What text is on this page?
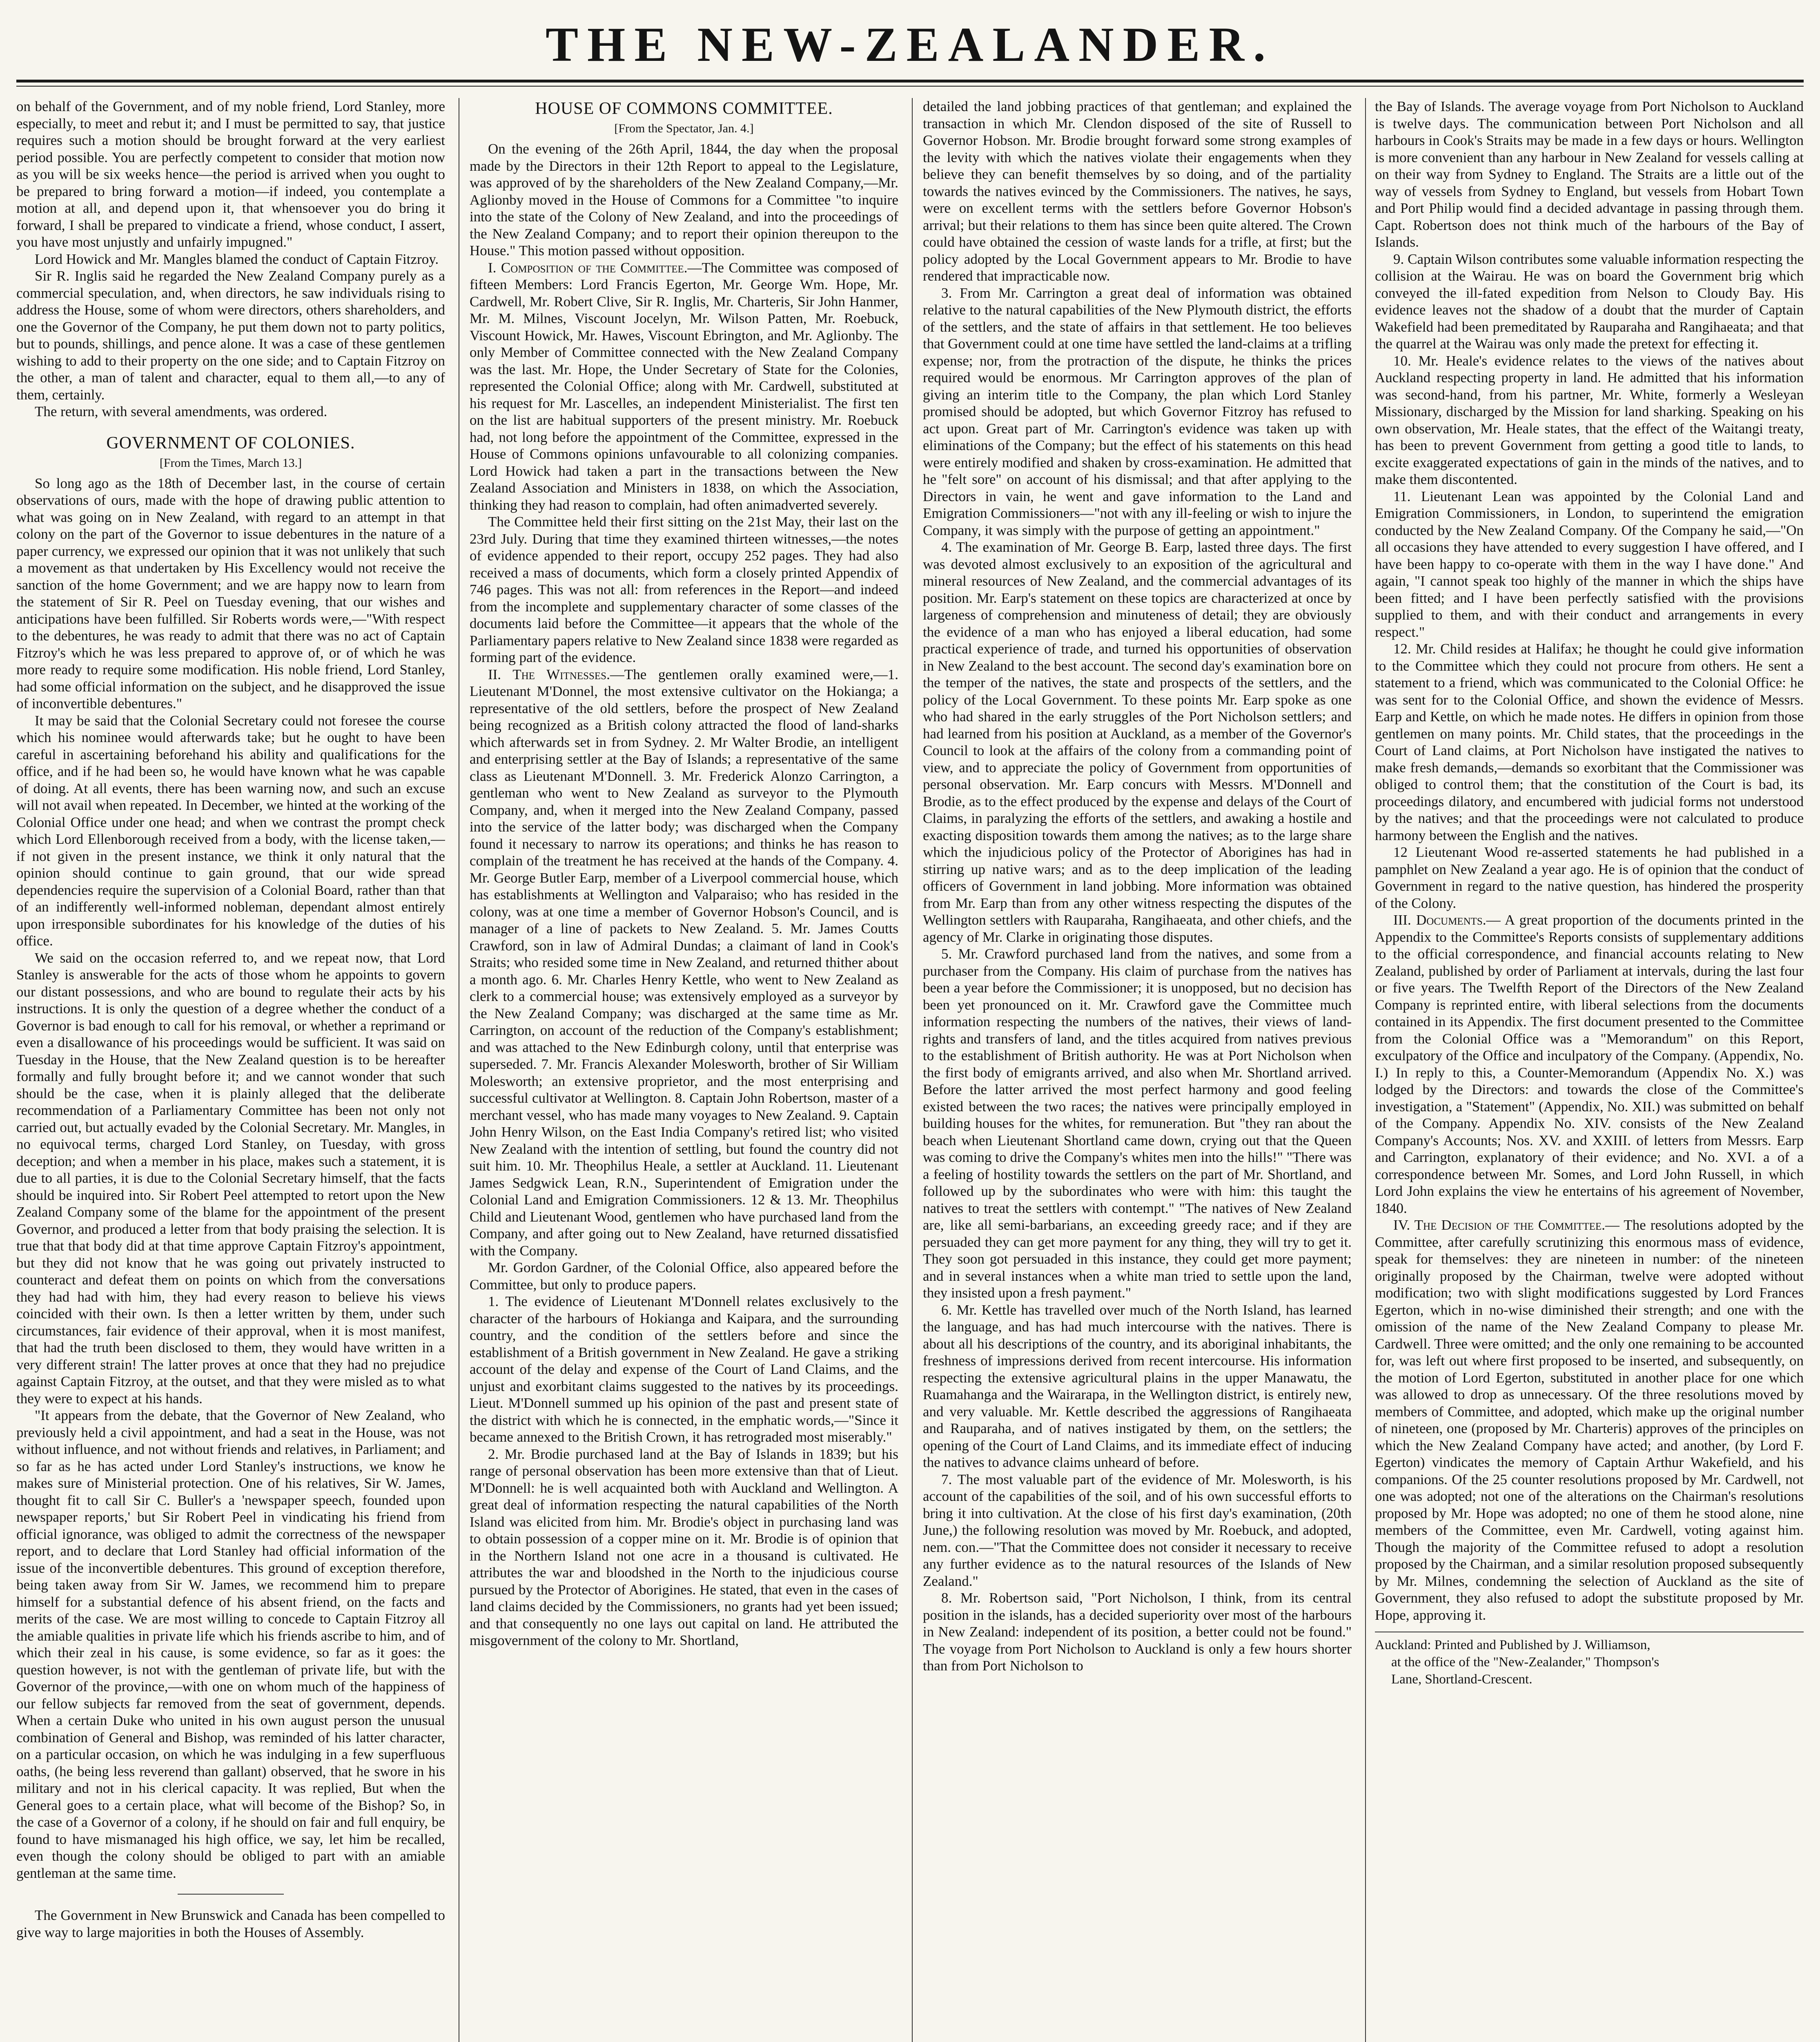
THE NEW-ZEALANDER.

on behalf of the Government, and of my noble friend, Lord Stanley, more especially, to meet and rebut it; and I must be permitted to say, that justice requires such a motion should be brought forward at the very earliest period possible. You are perfectly competent to consider that motion now as you will be six weeks hence—the period is arrived when you ought to be prepared to bring forward a motion—if indeed, you contemplate a motion at all, and depend upon it, that whensoever you do bring it forward, I shall be prepared to vindicate a friend, whose conduct, I assert, you have most unjustly and unfairly impugned."

Lord Howick and Mr. Mangles blamed the conduct of Captain Fitzroy.

Sir R. Inglis said he regarded the New Zealand Company purely as a commercial speculation, and, when directors, he saw individuals rising to address the House, some of whom were directors, others shareholders, and one the Governor of the Company, he put them down not to party politics, but to pounds, shillings, and pence alone. It was a case of these gentlemen wishing to add to their property on the one side; and to Captain Fitzroy on the other, a man of talent and character, equal to them all,—to any of them, certainly.

The return, with several amendments, was ordered.

GOVERNMENT OF COLONIES.
[From the Times, March 13.]

So long ago as the 18th of December last, in the course of certain observations of ours, made with the hope of drawing public attention to what was going on in New Zealand, with regard to an attempt in that colony on the part of the Governor to issue debentures in the nature of a paper currency, we expressed our opinion that it was not unlikely that such a movement as that undertaken by His Excellency would not receive the sanction of the home Government; and we are happy now to learn from the statement of Sir R. Peel on Tuesday evening, that our wishes and anticipations have been fulfilled. Sir Roberts words were,—"With respect to the debentures, he was ready to admit that there was no act of Captain Fitzroy's which he was less prepared to approve of, or of which he was more ready to require some modification. His noble friend, Lord Stanley, had some official information on the subject, and he disapproved the issue of inconvertible debentures."

It may be said that the Colonial Secretary could not foresee the course which his nominee would afterwards take; but he ought to have been careful in ascertaining beforehand his ability and qualifications for the office, and if he had been so, he would have known what he was capable of doing. At all events, there has been warning now, and such an excuse will not avail when repeated. In December, we hinted at the working of the Colonial Office under one head; and when we contrast the prompt check which Lord Ellenborough received from a body, with the license taken,—if not given in the present instance, we think it only natural that the opinion should continue to gain ground, that our wide spread dependencies require the supervision of a Colonial Board, rather than that of an indifferently well-informed nobleman, dependant almost entirely upon irresponsible subordinates for his knowledge of the duties of his office.

We said on the occasion referred to, and we repeat now, that Lord Stanley is answerable for the acts of those whom he appoints to govern our distant possessions, and who are bound to regulate their acts by his instructions. It is only the question of a degree whether the conduct of a Governor is bad enough to call for his removal, or whether a reprimand or even a disallowance of his proceedings would be sufficient. It was said on Tuesday in the House, that the New Zealand question is to be hereafter formally and fully brought before it; and we cannot wonder that such should be the case, when it is plainly alleged that the deliberate recommendation of a Parliamentary Committee has been not only not carried out, but actually evaded by the Colonial Secretary. Mr. Mangles, in no equivocal terms, charged Lord Stanley, on Tuesday, with gross deception; and when a member in his place, makes such a statement, it is due to all parties, it is due to the Colonial Secretary himself, that the facts should be inquired into. Sir Robert Peel attempted to retort upon the New Zealand Company some of the blame for the appointment of the present Governor, and produced a letter from that body praising the selection. It is true that that body did at that time approve Captain Fitzroy's appointment, but they did not know that he was going out privately instructed to counteract and defeat them on points on which from the conversations they had had with him, they had every reason to believe his views coincided with their own. Is then a letter written by them, under such circumstances, fair evidence of their approval, when it is most manifest, that had the truth been disclosed to them, they would have written in a very different strain! The latter proves at once that they had no prejudice against Captain Fitzroy, at the outset, and that they were misled as to what they were to expect at his hands.

"It appears from the debate, that the Governor of New Zealand, who previously held a civil appointment, and had a seat in the House, was not without influence, and not without friends and relatives, in Parliament; and so far as he has acted under Lord Stanley's instructions, we know he makes sure of Ministerial protection. One of his relatives, Sir W. James, thought fit to call Sir C. Buller's a 'newspaper speech, founded upon newspaper reports,' but Sir Robert Peel in vindicating his friend from official ignorance, was obliged to admit the correctness of the newspaper report, and to declare that Lord Stanley had official information of the issue of the inconvertible debentures. This ground of exception therefore, being taken away from Sir W. James, we recommend him to prepare himself for a substantial defence of his absent friend, on the facts and merits of the case. We are most willing to concede to Captain Fitzroy all the amiable qualities in private life which his friends ascribe to him, and of which their zeal in his cause, is some evidence, so far as it goes: the question however, is not with the gentleman of private life, but with the Governor of the province,—with one on whom much of the happiness of our fellow subjects far removed from the seat of government, depends. When a certain Duke who united in his own august person the unusual combination of General and Bishop, was reminded of his latter character, on a particular occasion, on which he was indulging in a few superfluous oaths, (he being less reverend than gallant) observed, that he swore in his military and not in his clerical capacity. It was replied, But when the General goes to a certain place, what will become of the Bishop? So, in the case of a Governor of a colony, if he should on fair and full enquiry, be found to have mismanaged his high office, we say, let him be recalled, even though the colony should be obliged to part with an amiable gentleman at the same time.

The Government in New Brunswick and Canada has been compelled to give way to large majorities in both the Houses of Assembly.

HOUSE OF COMMONS COMMITTEE.
[From the Spectator, Jan. 4.]

On the evening of the 26th April, 1844, the day when the proposal made by the Directors in their 12th Report to appeal to the Legislature, was approved of by the shareholders of the New Zealand Company,—Mr. Aglionby moved in the House of Commons for a Committee "to inquire into the state of the Colony of New Zealand, and into the proceedings of the New Zealand Company; and to report their opinion thereupon to the House." This motion passed without opposition.

I. Composition of the Committee.—The Committee was composed of fifteen Members: Lord Francis Egerton, Mr. George Wm. Hope, Mr. Cardwell, Mr. Robert Clive, Sir R. Inglis, Mr. Charteris, Sir John Hanmer, Mr. M. Milnes, Viscount Jocelyn, Mr. Wilson Patten, Mr. Roebuck, Viscount Howick, Mr. Hawes, Viscount Ebrington, and Mr. Aglionby. The only Member of Committee connected with the New Zealand Company was the last. Mr. Hope, the Under Secretary of State for the Colonies, represented the Colonial Office; along with Mr. Cardwell, substituted at his request for Mr. Lascelles, an independent Ministerialist. The first ten on the list are habitual supporters of the present ministry. Mr. Roebuck had, not long before the appointment of the Committee, expressed in the House of Commons opinions unfavourable to all colonizing companies. Lord Howick had taken a part in the transactions between the New Zealand Association and Ministers in 1838, on which the Association, thinking they had reason to complain, had often animadverted severely.

The Committee held their first sitting on the 21st May, their last on the 23rd July. During that time they examined thirteen witnesses,—the notes of evidence appended to their report, occupy 252 pages. They had also received a mass of documents, which form a closely printed Appendix of 746 pages. This was not all: from references in the Report—and indeed from the incomplete and supplementary character of some classes of the documents laid before the Committee—it appears that the whole of the Parliamentary papers relative to New Zealand since 1838 were regarded as forming part of the evidence.

II. The Witnesses.—The gentlemen orally examined were,—1. Lieutenant M'Donnel, the most extensive cultivator on the Hokianga; a representative of the old settlers, before the prospect of New Zealand being recognized as a British colony attracted the flood of land-sharks which afterwards set in from Sydney. 2. Mr Walter Brodie, an intelligent and enterprising settler at the Bay of Islands; a representative of the same class as Lieutenant M'Donnell. 3. Mr. Frederick Alonzo Carrington, a gentleman who went to New Zealand as surveyor to the Plymouth Company, and, when it merged into the New Zealand Company, passed into the service of the latter body; was discharged when the Company found it necessary to narrow its operations; and thinks he has reason to complain of the treatment he has received at the hands of the Company. 4. Mr. George Butler Earp, member of a Liverpool commercial house, which has establishments at Wellington and Valparaiso; who has resided in the colony, was at one time a member of Governor Hobson's Council, and is manager of a line of packets to New Zealand. 5. Mr. James Coutts Crawford, son in law of Admiral Dundas; a claimant of land in Cook's Straits; who resided some time in New Zealand, and returned thither about a month ago. 6. Mr. Charles Henry Kettle, who went to New Zealand as clerk to a commercial house; was extensively employed as a surveyor by the New Zealand Company; was discharged at the same time as Mr. Carrington, on account of the reduction of the Company's establishment; and was attached to the New Edinburgh colony, until that enterprise was superseded. 7. Mr. Francis Alexander Molesworth, brother of Sir William Molesworth; an extensive proprietor, and the most enterprising and successful cultivator at Wellington. 8. Captain John Robertson, master of a merchant vessel, who has made many voyages to New Zealand. 9. Captain John Henry Wilson, on the East India Company's retired list; who visited New Zealand with the intention of settling, but found the country did not suit him. 10. Mr. Theophilus Heale, a settler at Auckland. 11. Lieutenant James Sedgwick Lean, R.N., Superintendent of Emigration under the Colonial Land and Emigration Commissioners. 12 & 13. Mr. Theophilus Child and Lieutenant Wood, gentlemen who have purchased land from the Company, and after going out to New Zealand, have returned dissatisfied with the Company.

Mr. Gordon Gardner, of the Colonial Office, also appeared before the Committee, but only to produce papers.

1. The evidence of Lieutenant M'Donnell relates exclusively to the character of the harbours of Hokianga and Kaipara, and the surrounding country, and the condition of the settlers before and since the establishment of a British government in New Zealand. He gave a striking account of the delay and expense of the Court of Land Claims, and the unjust and exorbitant claims suggested to the natives by its proceedings. Lieut. M'Donnell summed up his opinion of the past and present state of the district with which he is connected, in the emphatic words,—"Since it became annexed to the British Crown, it has retrograded most miserably."

2. Mr. Brodie purchased land at the Bay of Islands in 1839; but his range of personal observation has been more extensive than that of Lieut. M'Donnell: he is well acquainted both with Auckland and Wellington. A great deal of information respecting the natural capabilities of the North Island was elicited from him. Mr. Brodie's object in purchasing land was to obtain possession of a copper mine on it. Mr. Brodie is of opinion that in the Northern Island not one acre in a thousand is cultivated. He attributes the war and bloodshed in the North to the injudicious course pursued by the Protector of Aborigines. He stated, that even in the cases of land claims decided by the Commissioners, no grants had yet been issued; and that consequently no one lays out capital on land. He attributed the misgovernment of the colony to Mr. Shortland,

detailed the land jobbing practices of that gentleman; and explained the transaction in which Mr. Clendon disposed of the site of Russell to Governor Hobson. Mr. Brodie brought forward some strong examples of the levity with which the natives violate their engagements when they believe they can benefit themselves by so doing, and of the partiality towards the natives evinced by the Commissioners. The natives, he says, were on excellent terms with the settlers before Governor Hobson's arrival; but their relations to them has since been quite altered. The Crown could have obtained the cession of waste lands for a trifle, at first; but the policy adopted by the Local Government appears to Mr. Brodie to have rendered that impracticable now.

3. From Mr. Carrington a great deal of information was obtained relative to the natural capabilities of the New Plymouth district, the efforts of the settlers, and the state of affairs in that settlement. He too believes that Government could at one time have settled the land-claims at a trifling expense; nor, from the protraction of the dispute, he thinks the prices required would be enormous. Mr Carrington approves of the plan of giving an interim title to the Company, the plan which Lord Stanley promised should be adopted, but which Governor Fitzroy has refused to act upon. Great part of Mr. Carrington's evidence was taken up with eliminations of the Company; but the effect of his statements on this head were entirely modified and shaken by cross-examination. He admitted that he "felt sore" on account of his dismissal; and that after applying to the Directors in vain, he went and gave information to the Land and Emigration Commissioners—"not with any ill-feeling or wish to injure the Company, it was simply with the purpose of getting an appointment."

4. The examination of Mr. George B. Earp, lasted three days. The first was devoted almost exclusively to an exposition of the agricultural and mineral resources of New Zealand, and the commercial advantages of its position. Mr. Earp's statement on these topics are characterized at once by largeness of comprehension and minuteness of detail; they are obviously the evidence of a man who has enjoyed a liberal education, had some practical experience of trade, and turned his opportunities of observation in New Zealand to the best account. The second day's examination bore on the temper of the natives, the state and prospects of the settlers, and the policy of the Local Government. To these points Mr. Earp spoke as one who had shared in the early struggles of the Port Nicholson settlers; and had learned from his position at Auckland, as a member of the Governor's Council to look at the affairs of the colony from a commanding point of view, and to appreciate the policy of Government from opportunities of personal observation. Mr. Earp concurs with Messrs. M'Donnell and Brodie, as to the effect produced by the expense and delays of the Court of Claims, in paralyzing the efforts of the settlers, and awaking a hostile and exacting disposition towards them among the natives; as to the large share which the injudicious policy of the Protector of Aborigines has had in stirring up native wars; and as to the deep implication of the leading officers of Government in land jobbing. More information was obtained from Mr. Earp than from any other witness respecting the disputes of the Wellington settlers with Rauparaha, Rangihaeata, and other chiefs, and the agency of Mr. Clarke in originating those disputes.

5. Mr. Crawford purchased land from the natives, and some from a purchaser from the Company. His claim of purchase from the natives has been a year before the Commissioner; it is unopposed, but no decision has been yet pronounced on it. Mr. Crawford gave the Committee much information respecting the numbers of the natives, their views of land-rights and transfers of land, and the titles acquired from natives previous to the establishment of British authority. He was at Port Nicholson when the first body of emigrants arrived, and also when Mr. Shortland arrived. Before the latter arrived the most perfect harmony and good feeling existed between the two races; the natives were principally employed in building houses for the whites, for remuneration. But "they ran about the beach when Lieutenant Shortland came down, crying out that the Queen was coming to drive the Company's whites men into the hills!" "There was a feeling of hostility towards the settlers on the part of Mr. Shortland, and followed up by the subordinates who were with him: this taught the natives to treat the settlers with contempt." "The natives of New Zealand are, like all semi-barbarians, an exceeding greedy race; and if they are persuaded they can get more payment for any thing, they will try to get it. They soon got persuaded in this instance, they could get more payment; and in several instances when a white man tried to settle upon the land, they insisted upon a fresh payment."

6. Mr. Kettle has travelled over much of the North Island, has learned the language, and has had much intercourse with the natives. There is about all his descriptions of the country, and its aboriginal inhabitants, the freshness of impressions derived from recent intercourse. His information respecting the extensive agricultural plains in the upper Manawatu, the Ruamahanga and the Wairarapa, in the Wellington district, is entirely new, and very valuable. Mr. Kettle described the aggressions of Rangihaeata and Rauparaha, and of natives instigated by them, on the settlers; the opening of the Court of Land Claims, and its immediate effect of inducing the natives to advance claims unheard of before.

7. The most valuable part of the evidence of Mr. Molesworth, is his account of the capabilities of the soil, and of his own successful efforts to bring it into cultivation. At the close of his first day's examination, (20th June,) the following resolution was moved by Mr. Roebuck, and adopted, nem. con.—"That the Committee does not consider it necessary to receive any further evidence as to the natural resources of the Islands of New Zealand."

8. Mr. Robertson said, "Port Nicholson, I think, from its central position in the islands, has a decided superiority over most of the harbours in New Zealand: independent of its position, a better could not be found." The voyage from Port Nicholson to Auckland is only a few hours shorter than from Port Nicholson to

the Bay of Islands. The average voyage from Port Nicholson to Auckland is twelve days. The communication between Port Nicholson and all harbours in Cook's Straits may be made in a few days or hours. Wellington is more convenient than any harbour in New Zealand for vessels calling at on their way from Sydney to England. The Straits are a little out of the way of vessels from Sydney to England, but vessels from Hobart Town and Port Philip would find a decided advantage in passing through them. Capt. Robertson does not think much of the harbours of the Bay of Islands.

9. Captain Wilson contributes some valuable information respecting the collision at the Wairau. He was on board the Government brig which conveyed the ill-fated expedition from Nelson to Cloudy Bay. His evidence leaves not the shadow of a doubt that the murder of Captain Wakefield had been premeditated by Rauparaha and Rangihaeata; and that the quarrel at the Wairau was only made the pretext for effecting it.

10. Mr. Heale's evidence relates to the views of the natives about Auckland respecting property in land. He admitted that his information was second-hand, from his partner, Mr. White, formerly a Wesleyan Missionary, discharged by the Mission for land sharking. Speaking on his own observation, Mr. Heale states, that the effect of the Waitangi treaty, has been to prevent Government from getting a good title to lands, to excite exaggerated expectations of gain in the minds of the natives, and to make them discontented.

11. Lieutenant Lean was appointed by the Colonial Land and Emigration Commissioners, in London, to superintend the emigration conducted by the New Zealand Company. Of the Company he said,—"On all occasions they have attended to every suggestion I have offered, and I have been happy to co-operate with them in the way I have done." And again, "I cannot speak too highly of the manner in which the ships have been fitted; and I have been perfectly satisfied with the provisions supplied to them, and with their conduct and arrangements in every respect."

12. Mr. Child resides at Halifax; he thought he could give information to the Committee which they could not procure from others. He sent a statement to a friend, which was communicated to the Colonial Office: he was sent for to the Colonial Office, and shown the evidence of Messrs. Earp and Kettle, on which he made notes. He differs in opinion from those gentlemen on many points. Mr. Child states, that the proceedings in the Court of Land claims, at Port Nicholson have instigated the natives to make fresh demands,—demands so exorbitant that the Commissioner was obliged to control them; that the constitution of the Court is bad, its proceedings dilatory, and encumbered with judicial forms not understood by the natives; and that the proceedings were not calculated to produce harmony between the English and the natives.

12 Lieutenant Wood re-asserted statements he had published in a pamphlet on New Zealand a year ago. He is of opinion that the conduct of Government in regard to the native question, has hindered the prosperity of the Colony.

III. Documents.— A great proportion of the documents printed in the Appendix to the Committee's Reports consists of supplementary additions to the official correspondence, and financial accounts relating to New Zealand, published by order of Parliament at intervals, during the last four or five years. The Twelfth Report of the Directors of the New Zealand Company is reprinted entire, with liberal selections from the documents contained in its Appendix. The first document presented to the Committee from the Colonial Office was a "Memorandum" on this Report, exculpatory of the Office and inculpatory of the Company. (Appendix, No. I.) In reply to this, a Counter-Memorandum (Appendix No. X.) was lodged by the Directors: and towards the close of the Committee's investigation, a "Statement" (Appendix, No. XII.) was submitted on behalf of the Company. Appendix No. XIV. consists of the New Zealand Company's Accounts; Nos. XV. and XXIII. of letters from Messrs. Earp and Carrington, explanatory of their evidence; and No. XVI. a of a correspondence between Mr. Somes, and Lord John Russell, in which Lord John explains the view he entertains of his agreement of November, 1840.

IV. The Decision of the Committee.— The resolutions adopted by the Committee, after carefully scrutinizing this enormous mass of evidence, speak for themselves: they are nineteen in number: of the nineteen originally proposed by the Chairman, twelve were adopted without modification; two with slight modifications suggested by Lord Frances Egerton, which in no-wise diminished their strength; and one with the omission of the name of the New Zealand Company to please Mr. Cardwell. Three were omitted; and the only one remaining to be accounted for, was left out where first proposed to be inserted, and subsequently, on the motion of Lord Egerton, substituted in another place for one which was allowed to drop as unnecessary. Of the three resolutions moved by members of Committee, and adopted, which make up the original number of nineteen, one (proposed by Mr. Charteris) approves of the principles on which the New Zealand Company have acted; and another, (by Lord F. Egerton) vindicates the memory of Captain Arthur Wakefield, and his companions. Of the 25 counter resolutions proposed by Mr. Cardwell, not one was adopted; not one of the alterations on the Chairman's resolutions proposed by Mr. Hope was adopted; no one of them he stood alone, nine members of the Committee, even Mr. Cardwell, voting against him. Though the majority of the Committee refused to adopt a resolution proposed by the Chairman, and a similar resolution proposed subsequently by Mr. Milnes, condemning the selection of Auckland as the site of Government, they also refused to adopt the substitute proposed by Mr. Hope, approving it.

Auckland: Printed and Published by J. Williamson,
at the office of the "New-Zealander," Thompson's
Lane, Shortland-Crescent.
